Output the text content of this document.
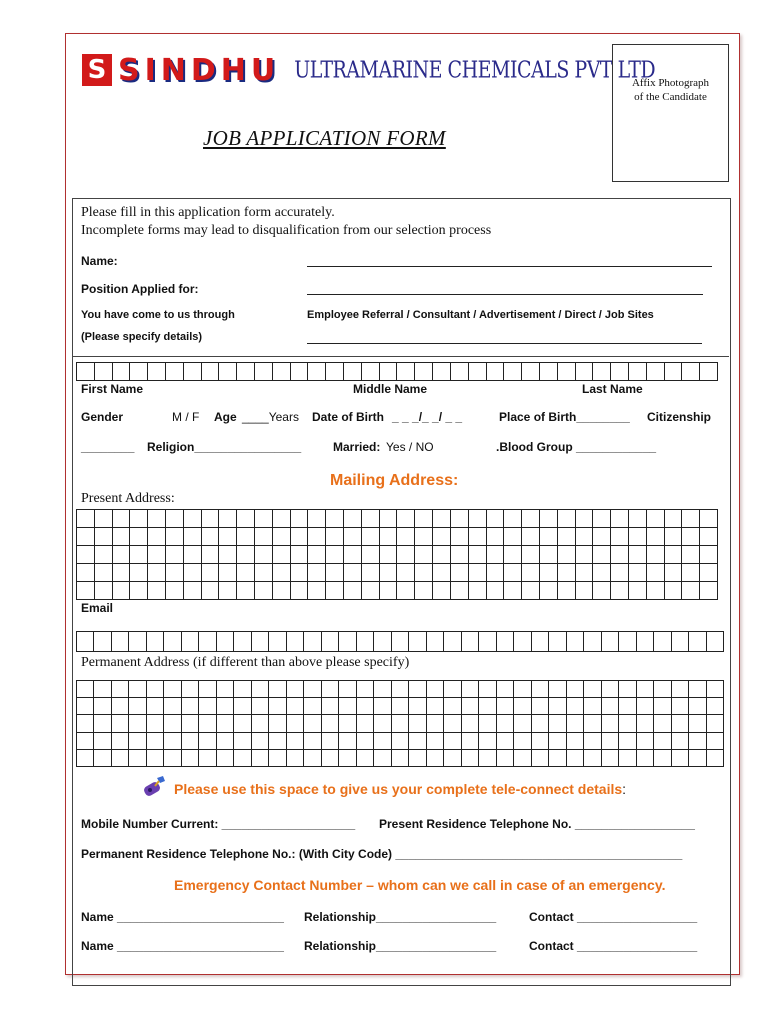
S SINDHU ULTRAMARINE CHEMICALS PVT LTD
Affix Photograph
of the Candidate
JOB APPLICATION FORM
Please fill in this application form accurately.
Incomplete forms may lead to disqualification from our selection process
Name:
Position Applied for:
You have come to us through	Employee Referral / Consultant / Advertisement / Direct / Job Sites
(Please specify details)
First Name	Middle Name	Last Name
Gender	M / F Age ____Years Date of Birth _ _ _/_ _/ _ _	Place of Birth________ Citizenship
________ Religion________________	Married: Yes / NO	.Blood Group ____________
Mailing Address:
Present Address:
Email
Permanent Address (if different than above please specify)
Please use this space to give us your complete tele-connect details:
Mobile Number Current: ____________________ Present Residence Telephone No. __________________
Permanent Residence Telephone No.: (With City Code) ___________________________________________
Emergency Contact Number – whom can we call in case of an emergency.
Name _________________________ Relationship__________________	Contact __________________
Name _________________________ Relationship__________________	Contact __________________
